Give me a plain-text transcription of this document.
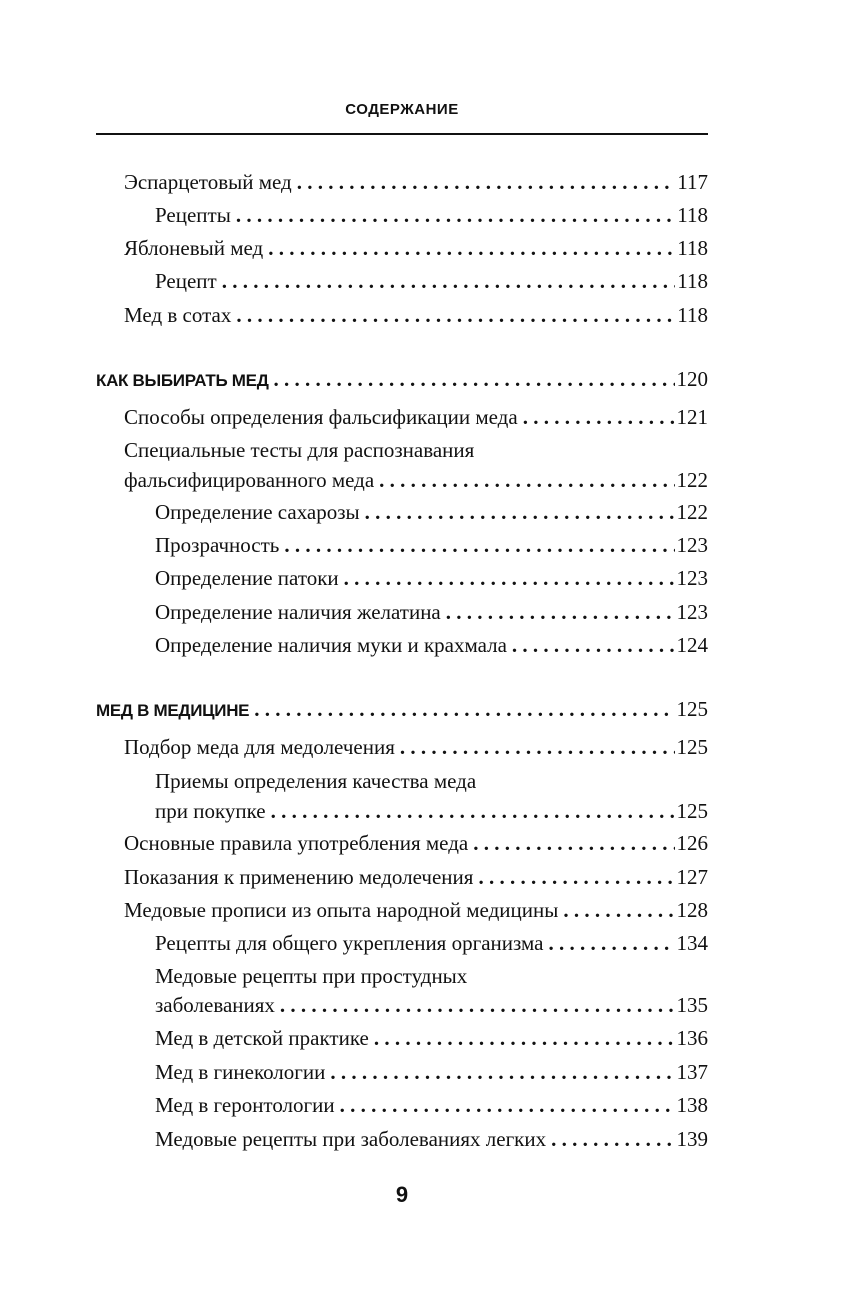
СОДЕРЖАНИЕ
Эспарцетовый мед . . .	117
Рецепты . . .	118
Яблоневый мед . . .	118
Рецепт . . .	118
Мед в сотах . . .	118
КАК ВЫБИРАТЬ МЕД . . .	120
Способы определения фальсификации меда . . .	121
Специальные тесты для распознавания
фальсифицированного меда . . .	122
Определение сахарозы . . .	122
Прозрачность . . .	123
Определение патоки . . .	123
Определение наличия желатина . . .	123
Определение наличия муки и крахмала . . .	124
МЕД В МЕДИЦИНЕ . . .	125
Подбор меда для медолечения . . .	125
Приемы определения качества меда
при покупке . . .	125
Основные правила употребления меда . . .	126
Показания к применению медолечения . . .	127
Медовые прописи из опыта народной медицины . . .	128
Рецепты для общего укрепления организма . . .	134
Медовые рецепты при простудных
заболеваниях . . .	135
Мед в детской практике . . .	136
Мед в гинекологии . . .	137
Мед в геронтологии . . .	138
Медовые рецепты при заболеваниях легких . . .	139
9
